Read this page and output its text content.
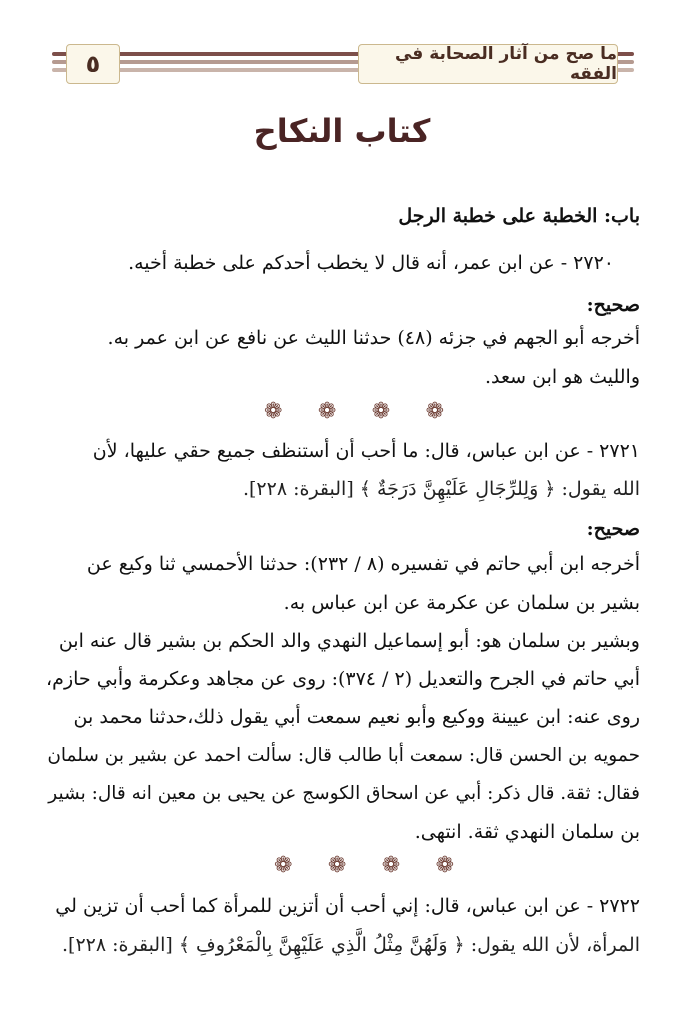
٥	ما صح من آثار الصحابة في الفقه
كتاب النكاح
باب: الخطبة على خطبة الرجل
٢٧٢٠ - عن ابن عمر، أنه قال لا يخطب أحدكم على خطبة أخيه.
صحيح:
أخرجه أبو الجهم في جزئه (٤٨) حدثنا الليث عن نافع عن ابن عمر به.
والليث هو ابن سعد.
❁
❁
❁
❁
٢٧٢١ - عن ابن عباس، قال: ما أحب أن أستنظف جميع حقي عليها، لأن
الله يقول: ﴿ وَلِلرِّجَالِ عَلَيْهِنَّ دَرَجَةٌ ﴾ [البقرة: ٢٢٨].
صحيح:
أخرجه ابن أبي حاتم في تفسيره (٨ / ٢٣٢): حدثنا الأحمسي ثنا وكيع عن
بشير بن سلمان عن عكرمة عن ابن عباس به.
وبشير بن سلمان هو: أبو إسماعيل النهدي والد الحكم بن بشير قال عنه ابن
أبي حاتم في الجرح والتعديل (٢ / ٣٧٤): روى عن مجاهد وعكرمة وأبي حازم،
روى عنه: ابن عيينة ووكيع وأبو نعيم سمعت أبي يقول ذلك،حدثنا محمد بن
حمويه بن الحسن قال: سمعت أبا طالب قال: سألت احمد عن بشير بن سلمان
فقال: ثقة. قال ذكر: أبي عن اسحاق الكوسج عن يحيى بن معين انه قال: بشير
بن سلمان النهدي ثقة. انتهى.
❁
❁
❁
❁
٢٧٢٢ - عن ابن عباس، قال: إني أحب أن أتزين للمرأة كما أحب أن تزين لي
المرأة، لأن الله يقول: ﴿ وَلَهُنَّ مِثْلُ الَّذِي عَلَيْهِنَّ بِالْمَعْرُوفِ ﴾ [البقرة: ٢٢٨].
